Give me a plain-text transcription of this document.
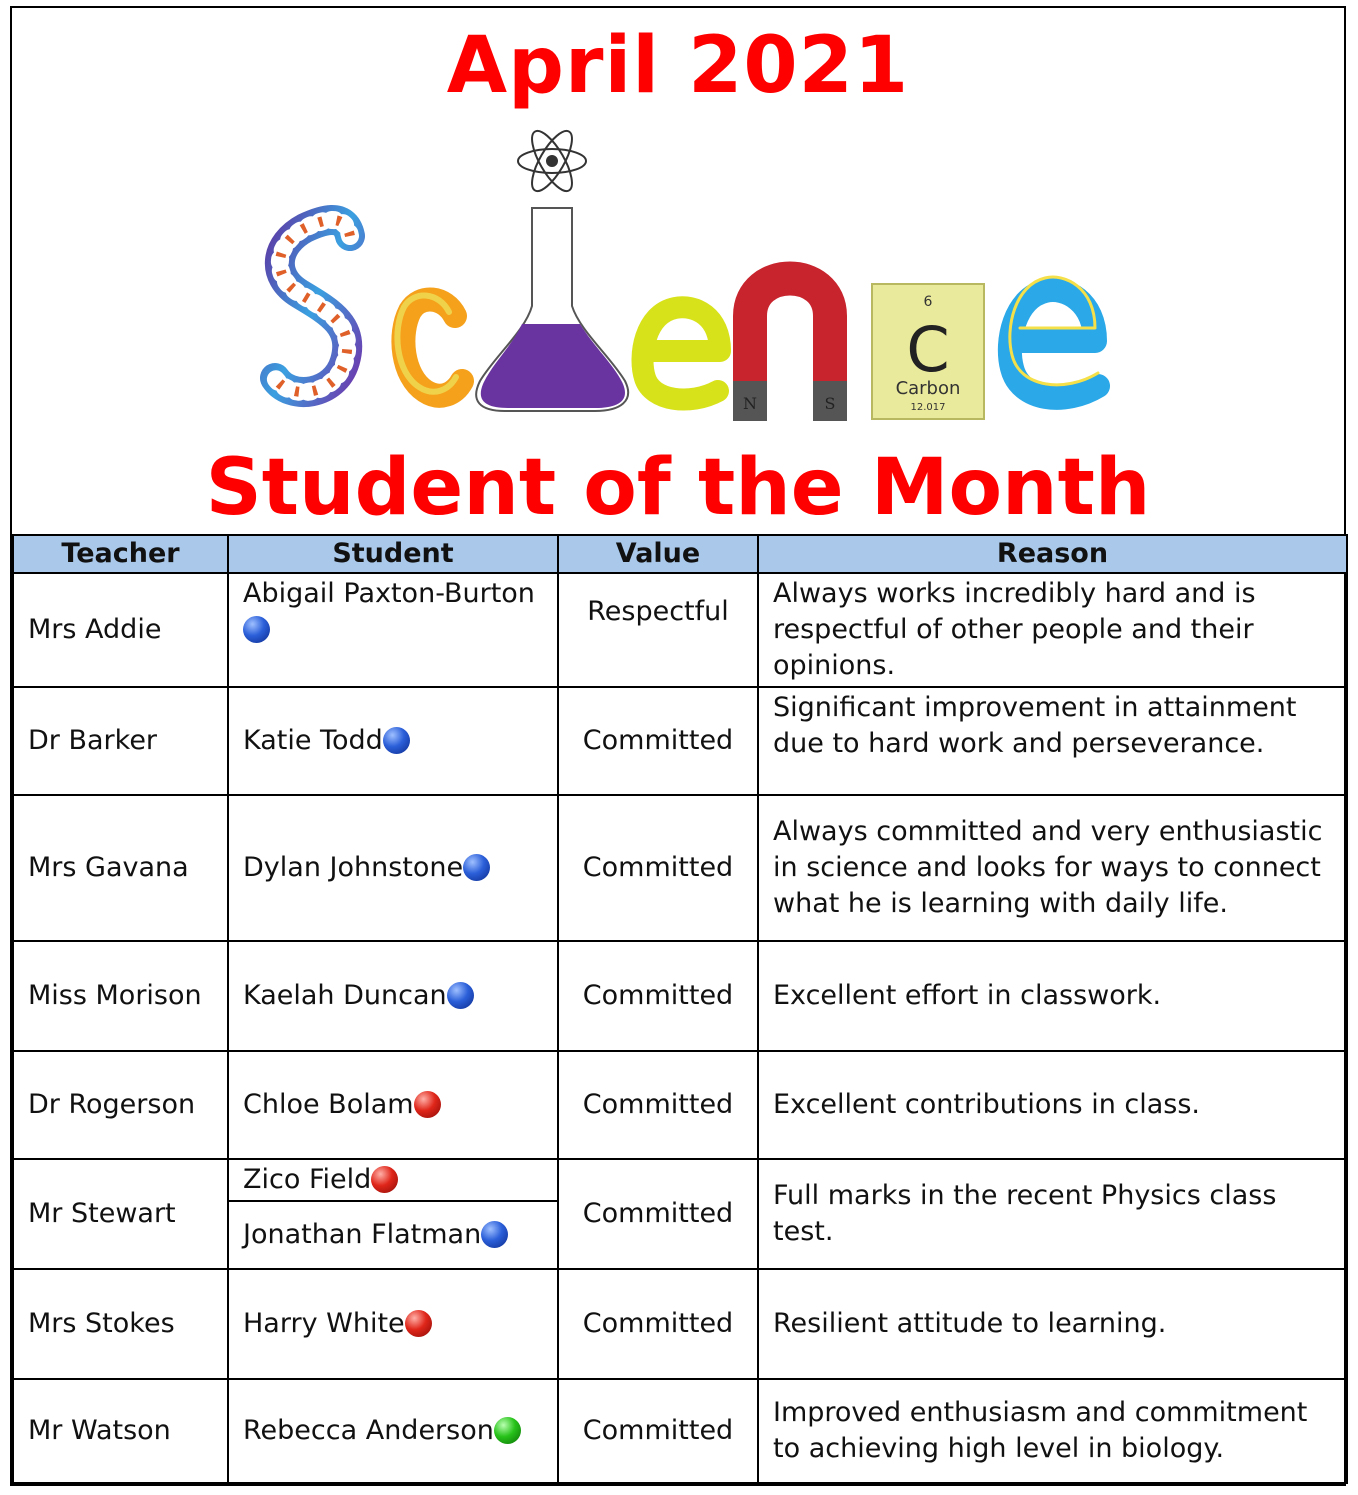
April 2021
N	S
6
C
Carbon
12.017
Student of the Month
Teacher	Student	Value	Reason
Mrs Addie	Abigail Paxton-Burton	Respectful	Always works incredibly hard and is respectful of other people and their opinions.
Dr Barker	Katie Todd	Committed	Significant improvement in attainment due to hard work and perseverance.
Mrs Gavana	Dylan Johnstone	Committed	Always committed and very enthusiastic in science and looks for ways to connect what he is learning with daily life.
Miss Morison	Kaelah Duncan	Committed	Excellent effort in classwork.
Dr Rogerson	Chloe Bolam	Committed	Excellent contributions in class.
Mr Stewart	Zico Field	Committed	Full marks in the recent Physics class test.
	Jonathan Flatman		
Mrs Stokes	Harry White	Committed	Resilient attitude to learning.
Mr Watson	Rebecca Anderson	Committed	Improved enthusiasm and commitment to achieving high level in biology.
